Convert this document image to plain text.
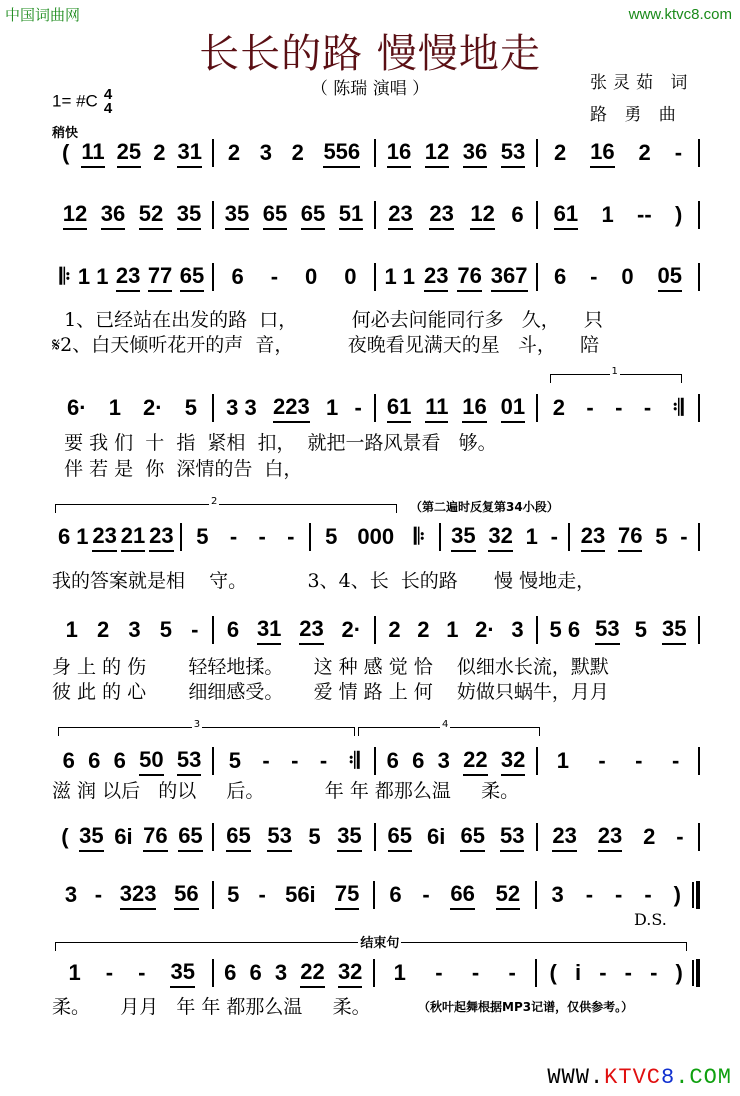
中国词曲网	www.ktvc8.com
长长的路 慢慢地走
（ 陈瑞 演唱 ）	张灵茹 词
路 勇 曲
1= #C 4
4
稍快
( 11 25 2 31 2 3 2 556 16 12 36 53 2 16 2 -
12 36 52 35 35 65 65 51 23 23 12 6 61 1 -- )
𝄆 1 1 23 77 65 6 - 0 0 1 1 23 76 367 6 - 0 05
1、已经站在出发的路  口，         何必去问能同行多   久，    只
𝄋2、白天倾听花开的声  音，         夜晚看见满天的星   斗，    陪
6· 1 2· 5 3 3 223 1 - 61 11 16 01 2 - - - 𝄇
要 我 们  十  指  紧相  扣，  就把一路风景看   够。
伴 若 是  你  深情的告  白，
1
6 1 23 21 23 5 - - - 5 000 𝄆 35 32 1 - 23 76 5 -
我的答案就是相    守。          3、4、长  长的路      慢 慢地走，
2	（第二遍时反复第34小段）
1 2 3 5 - 6 31 23 2· 2 2 1 2· 3 5 6 53 5 35
身 上 的 伤       轻轻地揉。     这 种 感 觉 恰    似细水长流，默默
彼 此 的 心       细细感受。     爱 情 路 上 何    妨做只蜗牛，月月
6 6 6 50 53 5 - - - 𝄇 6 6 3 22 32 1 - - -
滋 润 以后   的以     后。          年 年 都那么温     柔。
3	4
( 35 6i 76 65 65 53 5 35 65 6i 65 53 23 23 2 -
3 - 323 56 5 - 56i 75 6 - 66 52 3 - - - )
D.S.
1 - - 35 6 6 3 22 32 1 - - - ( i - - - )
柔。     月月   年 年 都那么温     柔。
结束句
（秋叶起舞根据MP3记谱，仅供参考。）
WWW.KTVC8.COM
